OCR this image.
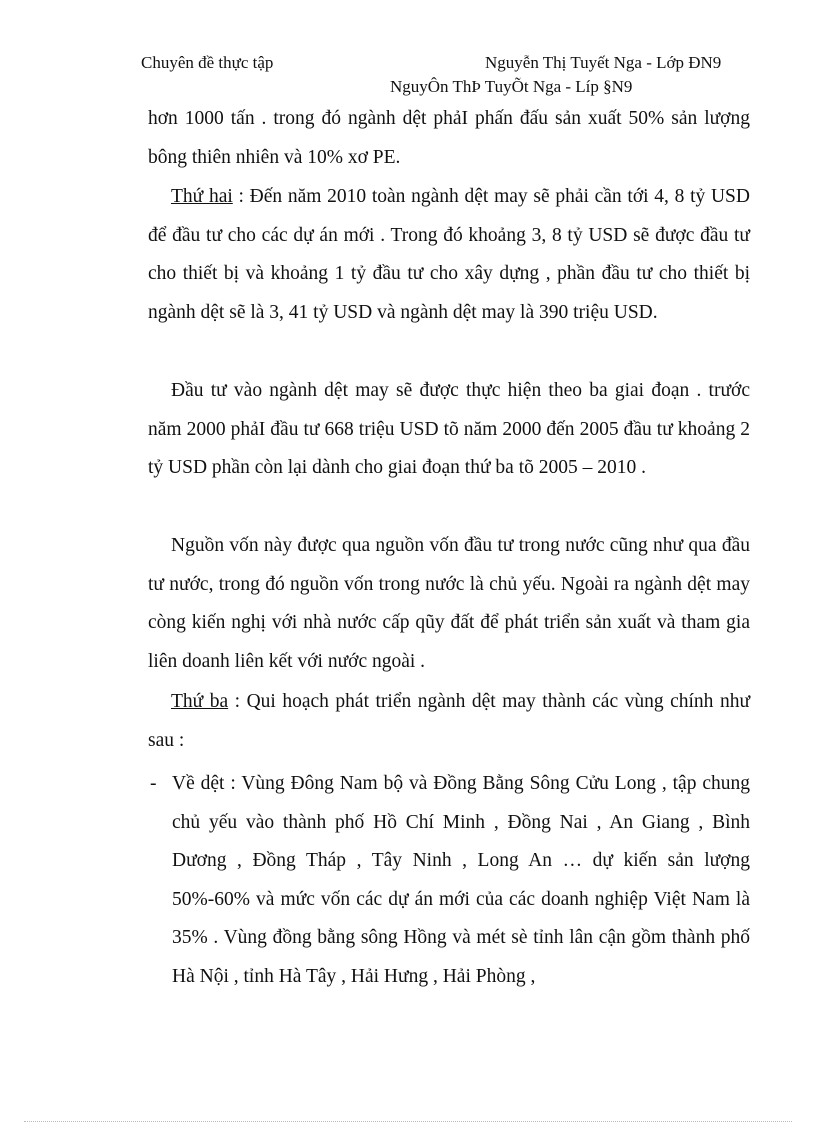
Chuyên đề thực tập	Nguyễn Thị Tuyết Nga - Lớp ĐN9
NguyÔn ThÞ TuyÕt Nga - Líp §N9
hơn 1000 tấn . trong đó ngành dệt phảI phấn đấu sản xuất 50% sản lượng bông thiên nhiên và 10% xơ PE.
Thứ hai : Đến năm 2010 toàn ngành dệt may sẽ phải cần tới 4, 8 tỷ USD để đầu tư cho các dự án mới . Trong đó khoảng 3, 8 tỷ USD sẽ được đầu tư cho thiết bị và khoảng 1 tỷ đầu tư cho xây dựng , phần đầu tư cho thiết bị ngành dệt sẽ là 3, 41 tỷ USD và ngành dệt may là 390 triệu USD.
Đầu tư vào ngành dệt may sẽ được thực hiện theo ba giai đoạn . trước năm 2000 phảI đầu tư 668 triệu USD tõ năm 2000 đến 2005 đầu tư khoảng 2 tỷ USD phần còn lại dành cho giai đoạn thứ ba tõ 2005 – 2010 .
Nguồn vốn này được qua nguồn vốn đầu tư trong nước cũng như qua đầu tư nước, trong đó nguồn vốn trong nước là chủ yếu. Ngoài ra ngành dệt may còng kiến nghị với nhà nước cấp qũy đất để phát triển sản xuất và tham gia liên doanh liên kết với nước ngoài .
Thứ ba : Qui hoạch phát triển ngành dệt may thành các vùng chính như sau :
- Về dệt : Vùng Đông Nam bộ và Đồng Bằng Sông Cửu Long , tập chung chủ yếu vào thành phố Hồ Chí Minh , Đồng Nai , An Giang , Bình Dương , Đồng Tháp , Tây Ninh , Long An … dự kiến sản lượng 50%-60% và mức vốn các dự án mới của các doanh nghiệp Việt Nam là 35% . Vùng đồng bằng sông Hồng và mét sè tỉnh lân cận gồm thành phố Hà Nội , tỉnh Hà Tây , Hải Hưng , Hải Phòng ,
